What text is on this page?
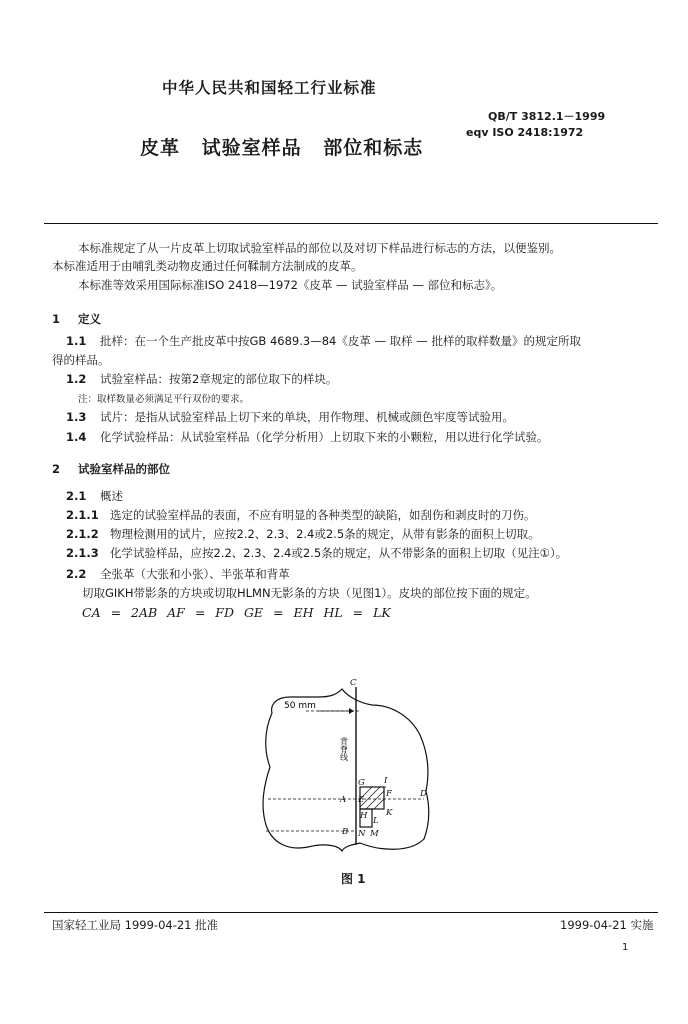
中华人民共和国轻工行业标准
QB/T 3812.1－1999
eqv ISO 2418:1972
皮革 试验室样品 部位和标志
本标准规定了从一片皮革上切取试验室样品的部位以及对切下样品进行标志的方法，以便鉴别。
本标准适用于由哺乳类动物皮通过任何鞣制方法制成的皮革。
本标准等效采用国际标准ISO 2418—1972《皮革 — 试验室样品 — 部位和标志》。
1 定义
1.1 批样：在一个生产批皮革中按GB 4689.3—84《皮革 — 取样 — 批样的取样数量》的规定所取
得的样品。
1.2 试验室样品：按第2章规定的部位取下的样块。
注：取样数量必须满足平行双份的要求。
1.3 试片：是指从试验室样品上切下来的单块，用作物理、机械或颜色牢度等试验用。
1.4 化学试验样品：从试验室样品（化学分析用）上切取下来的小颗粒，用以进行化学试验。
2 试验室样品的部位
2.1 概述
2.1.1 选定的试验室样品的表面，不应有明显的各种类型的缺陷，如刮伤和剥皮时的刀伤。
2.1.2 物理检测用的试片，应按2.2、2.3、2.4或2.5条的规定，从带有影条的面积上切取。
2.1.3 化学试验样品，应按2.2、2.3、2.4或2.5条的规定，从不带影条的面积上切取（见注①）。
2.2 全张革（大张和小张）、半张革和背革
切取GIKH带影条的方块或切取HLMN无影条的方块（见图1）。皮块的部位按下面的规定。
CA = 2AB AF = FD GE = EH HL = LK
50 mm
背脊线
C
A
B
D
G I
F
E
K
H L
N M
图 1
国家轻工业局 1999-04-21 批准	1999-04-21 实施
1
